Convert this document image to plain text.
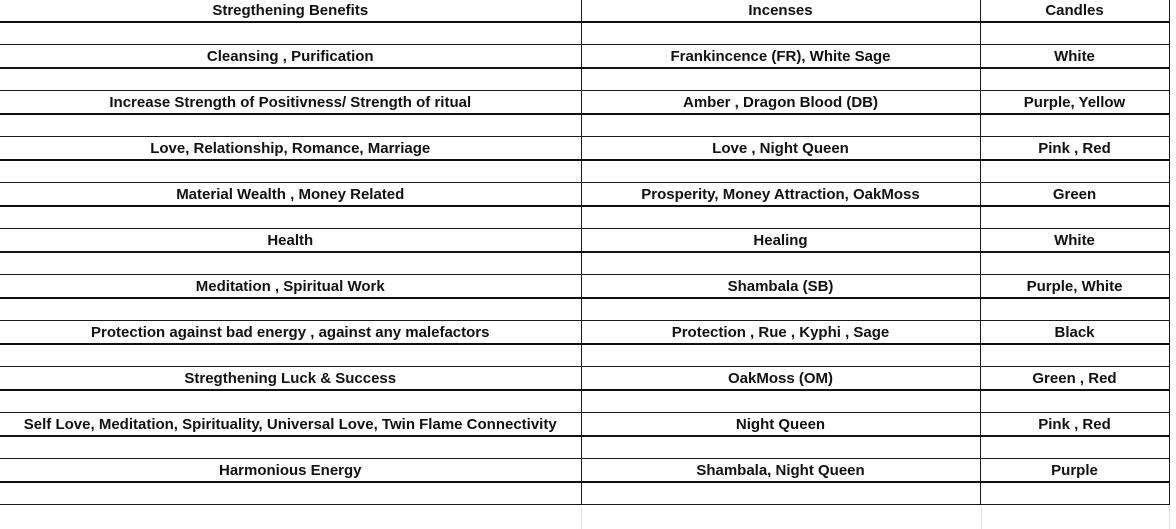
Stregthening Benefits	Incenses	Candles

Cleansing , Purification	Frankincence (FR), White Sage	White

Increase Strength of Positivness/ Strength of ritual	Amber , Dragon Blood (DB)	Purple, Yellow

Love, Relationship, Romance, Marriage	Love , Night Queen	Pink , Red

Material Wealth , Money Related	Prosperity, Money Attraction, OakMoss	Green

Health	Healing	White

Meditation , Spiritual Work	Shambala (SB)	Purple, White

Protection against bad energy , against any malefactors	Protection , Rue , Kyphi , Sage	Black

Stregthening Luck & Success	OakMoss (OM)	Green , Red

Self Love, Meditation, Spirituality, Universal Love, Twin Flame Connectivity	Night Queen	Pink , Red

Harmonious Energy	Shambala, Night Queen	Purple
